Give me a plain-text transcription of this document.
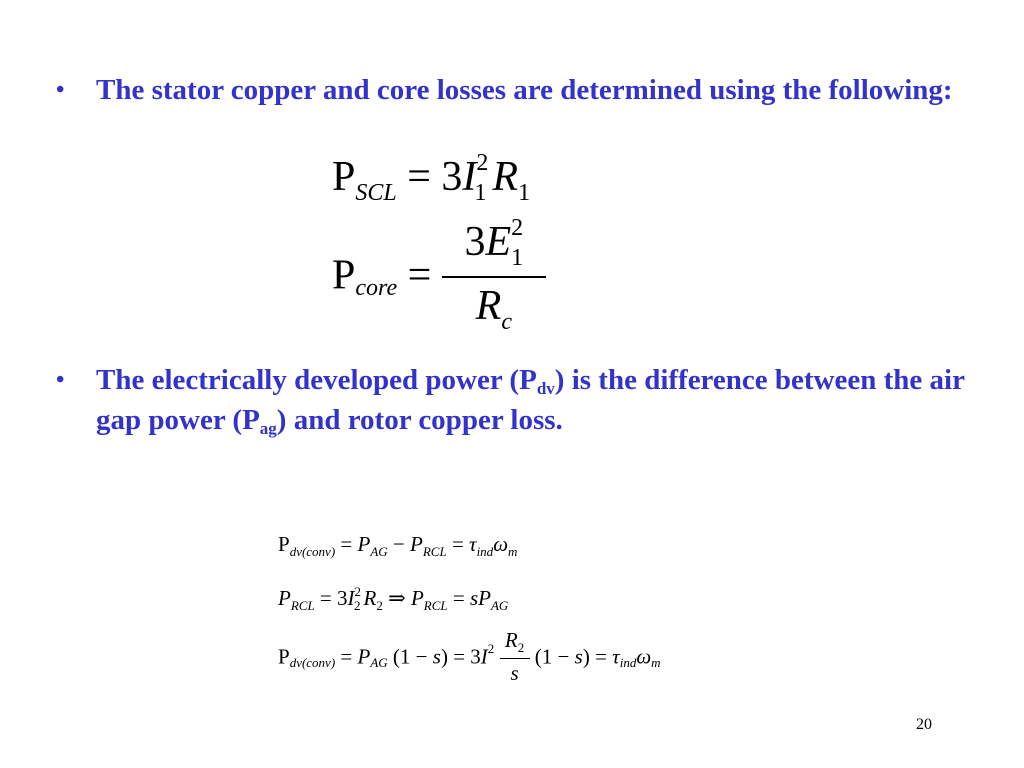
• The stator copper and core losses are determined using the following:
$P_{SCL} = 3I^2_1$ $R_1$
$P_{core} = \frac{3E^2_1}{R_c}$
• The electrically developed power $(P_{dv})$ is the difference between the air gap power $(P_{ag})$ and rotor copper loss.
$P_{dv(conv)} = P_{AG} - P_{RCL} = \tau_{ind}\omega_m$
$P_{RCL} = 3I^2_2$ $R_2$ ⇒ $P_{RCL} = sP_{AG}$
$P_{dv(conv)} = P_{AG}$ $(1 - s) = 3I^2 \frac{R_2}{s} (1 - s) = \tau_{ind}\omega_m$
20
